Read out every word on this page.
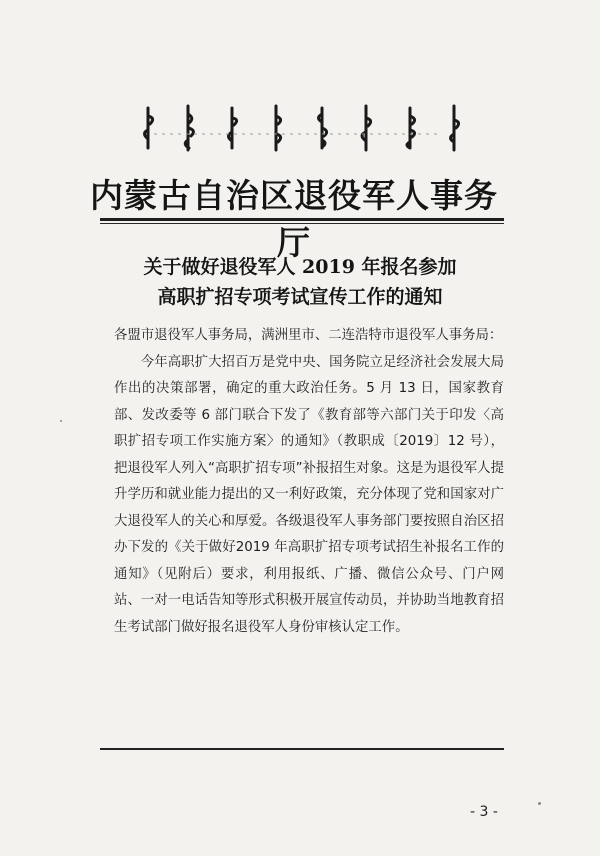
内蒙古自治区退役军人事务厅
关于做好退役军人 2019 年报名参加
高职扩招专项考试宣传工作的通知

各盟市退役军人事务局，满洲里市、二连浩特市退役军人事务局：

今年高职扩大招百万是党中央、国务院立足经济社会发展大局作出的决策部署，确定的重大政治任务。5 月 13 日，国家教育部、发改委等 6 部门联合下发了《教育部等六部门关于印发〈高职扩招专项工作实施方案〉的通知》（教职成〔2019〕12 号），把退役军人列入“高职扩招专项”补报招生对象。这是为退役军人提升学历和就业能力提出的又一利好政策，充分体现了党和国家对广大退役军人的关心和厚爱。各级退役军人事务部门要按照自治区招办下发的《关于做好2019 年高职扩招专项考试招生补报名工作的通知》（见附后）要求，利用报纸、广播、微信公众号、门户网站、一对一电话告知等形式积极开展宣传动员，并协助当地教育招生考试部门做好报名退役军人身份审核认定工作。

- 3 -
